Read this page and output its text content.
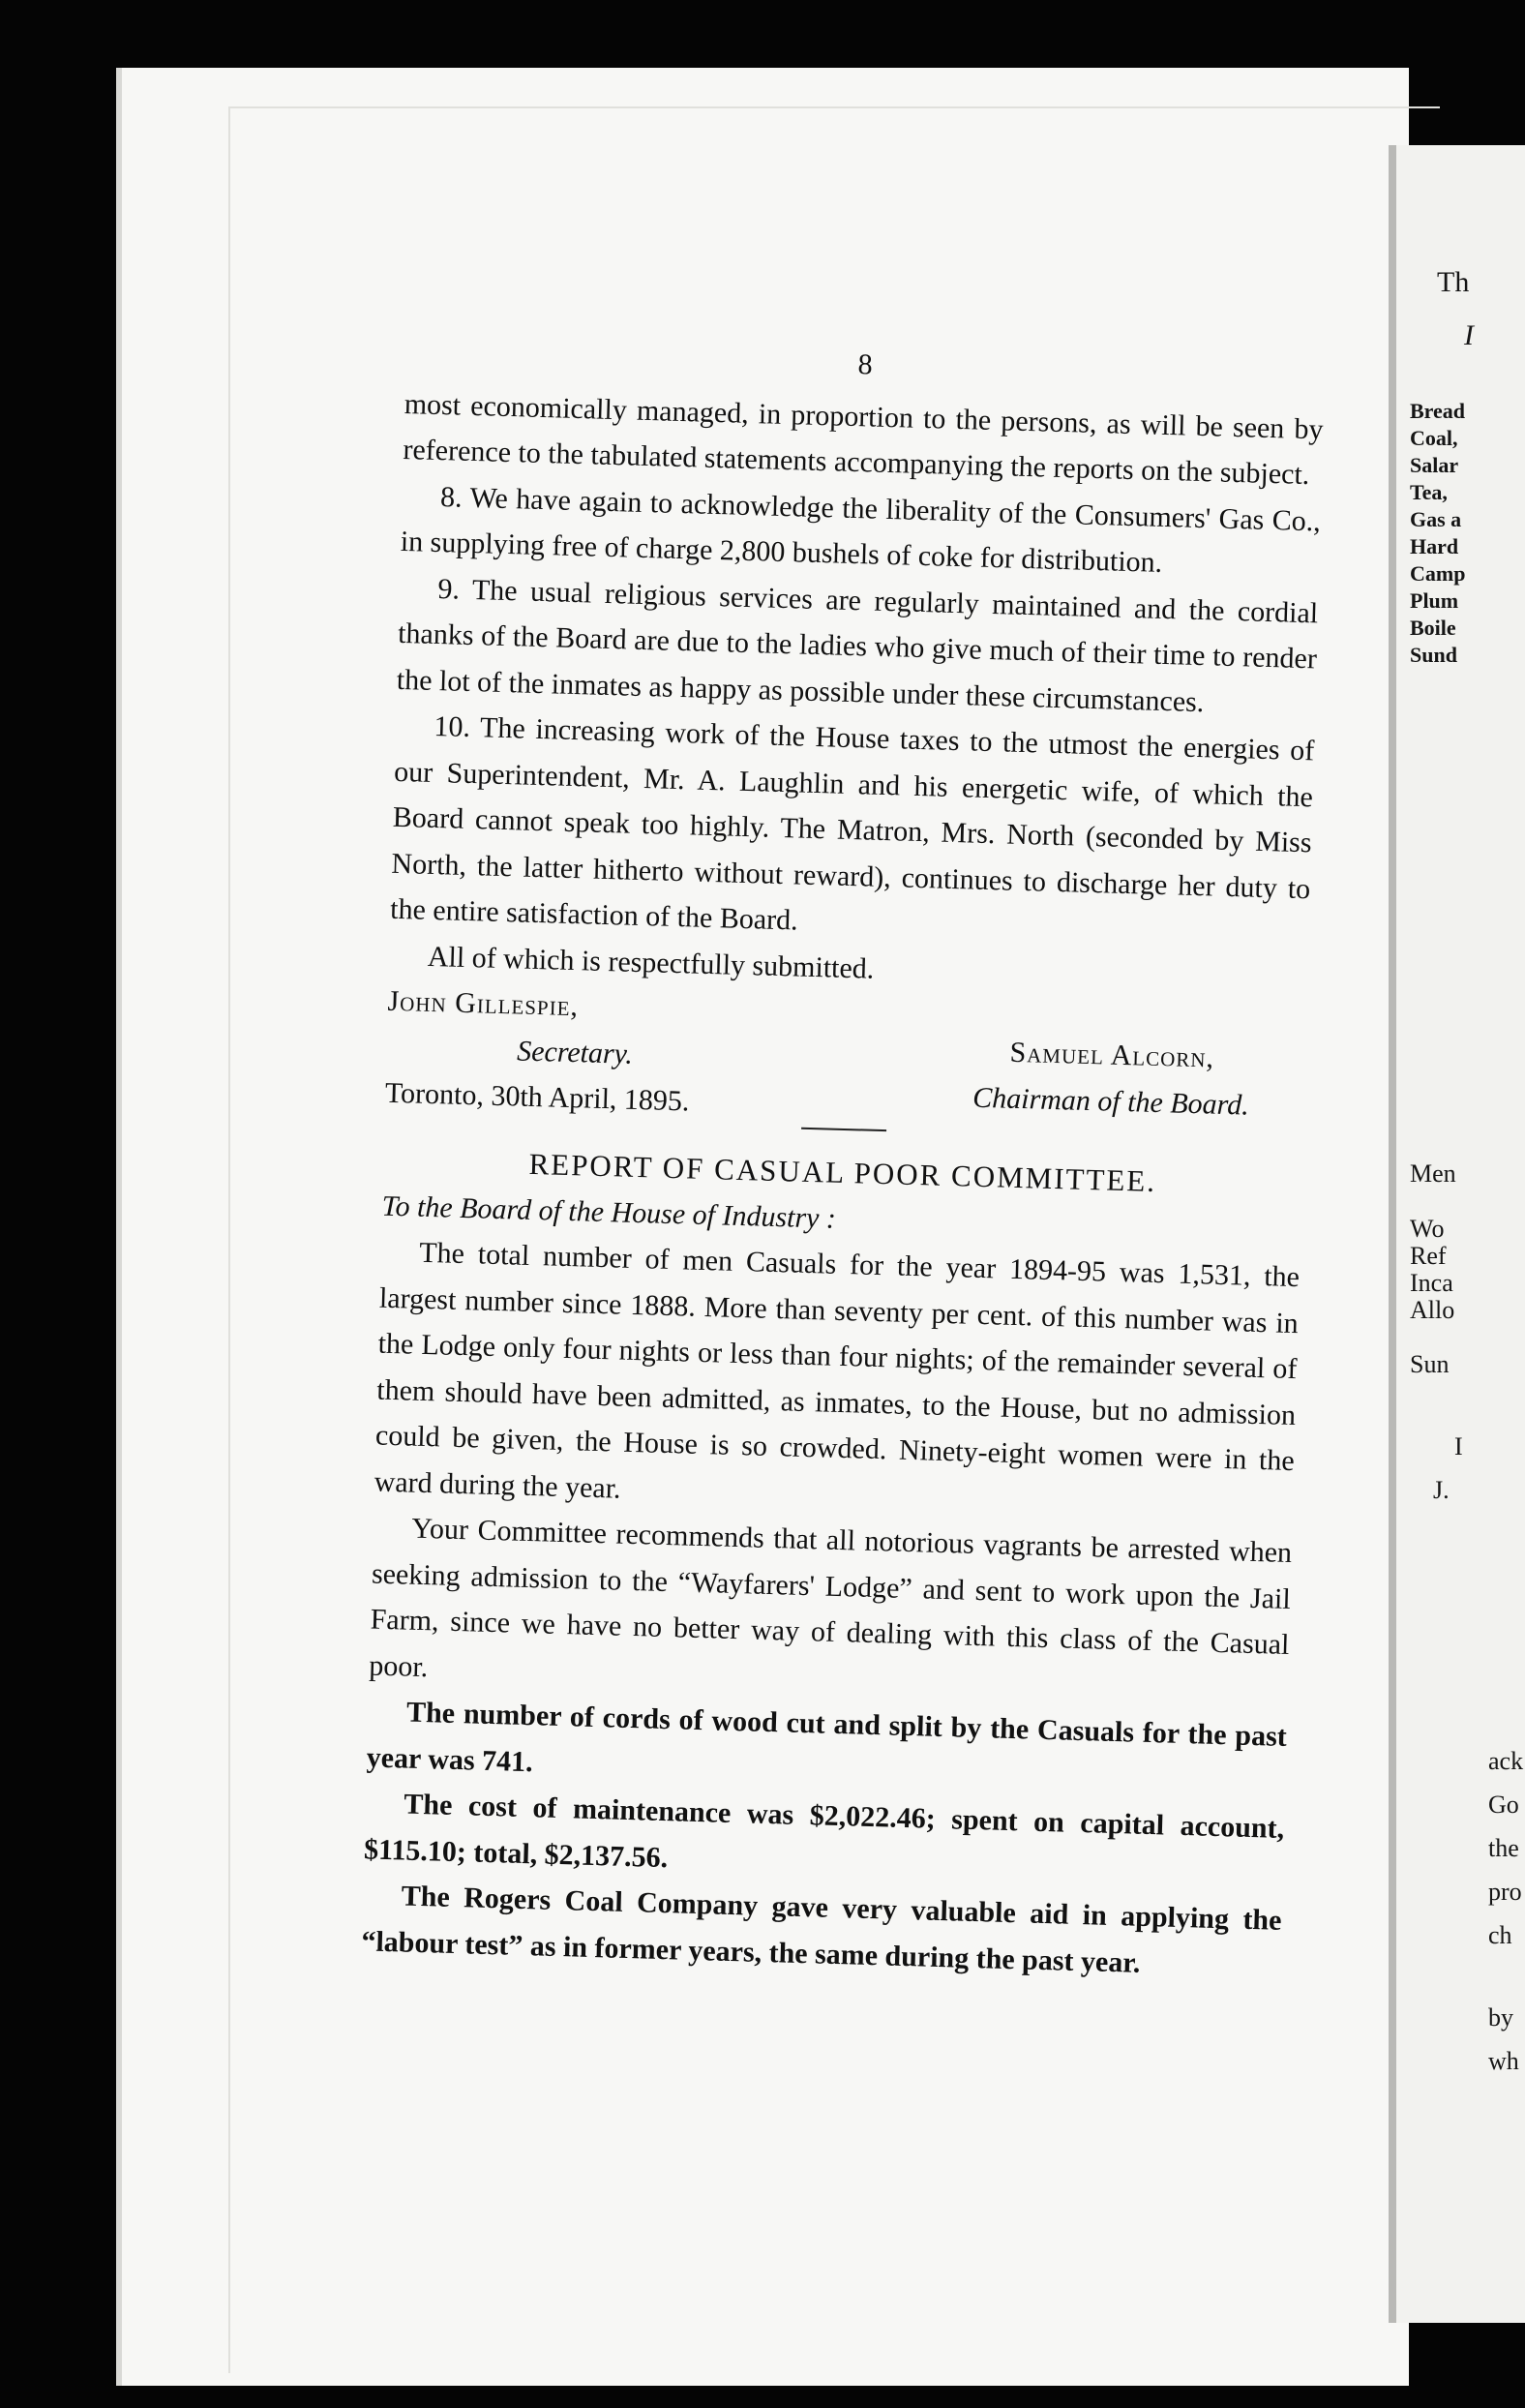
Th
I
Bread
Coal,
Salar
Tea,
Gas a
Hard
Camp
Plum
Boile
Sund
Men
Wo
Ref
Inca
Allo
Sun
I
J.
ack
Go
the
pro
ch
by
wh
8

most economically managed, in proportion to the persons, as will be seen by reference to the tabulated statements accompanying the reports on the subject.

8. We have again to acknowledge the liberality of the Consumers' Gas Co., in supplying free of charge 2,800 bushels of coke for distribution.

9. The usual religious services are regularly maintained and the cordial thanks of the Board are due to the ladies who give much of their time to render the lot of the inmates as happy as possible under these circumstances.

10. The increasing work of the House taxes to the utmost the energies of our Superintendent, Mr. A. Laughlin and his energetic wife, of which the Board cannot speak too highly. The Matron, Mrs. North (seconded by Miss North, the latter hitherto without reward), continues to discharge her duty to the entire satisfaction of the Board.

All of which is respectfully submitted.

John Gillespie,
Secretary.
Toronto, 30th April, 1895.
Samuel Alcorn,
Chairman of the Board.

REPORT OF CASUAL POOR COMMITTEE.

To the Board of the House of Industry :

The total number of men Casuals for the year 1894-95 was 1,531, the largest number since 1888. More than seventy per cent. of this number was in the Lodge only four nights or less than four nights; of the remainder several of them should have been admitted, as inmates, to the House, but no admission could be given, the House is so crowded. Ninety-eight women were in the ward during the year.

Your Committee recommends that all notorious vagrants be arrested when seeking admission to the “Wayfarers' Lodge” and sent to work upon the Jail Farm, since we have no better way of dealing with this class of the Casual poor.

The number of cords of wood cut and split by the Casuals for the past year was 741.

The cost of maintenance was $2,022.46; spent on capital account, $115.10; total, $2,137.56.

The Rogers Coal Company gave very valuable aid in applying the “labour test” as in former years, the same during the past year.
